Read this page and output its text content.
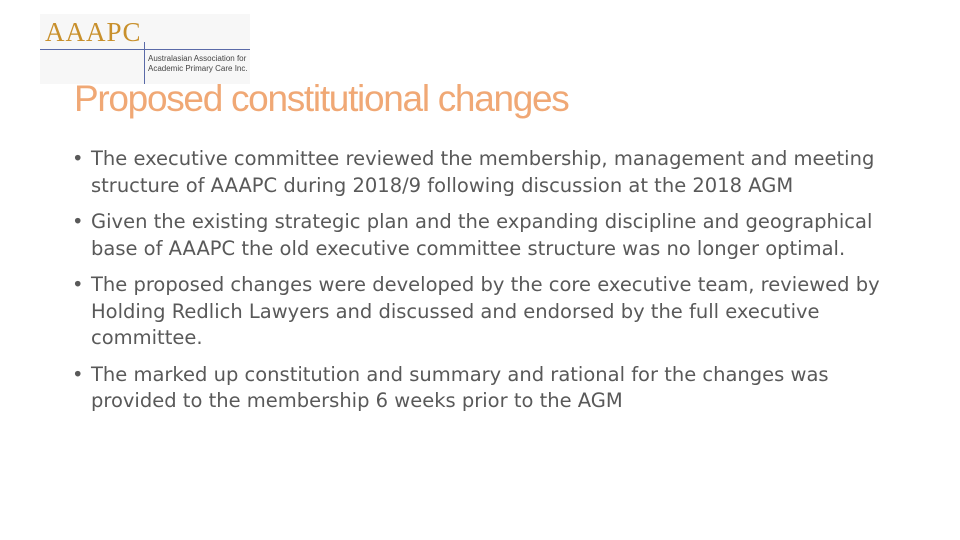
AAAPC
Australasian Association for Academic Primary Care Inc.
Proposed constitutional changes
• The executive committee reviewed the membership, management and meeting structure of AAAPC during 2018/9 following discussion at the 2018 AGM
• Given the existing strategic plan and the expanding discipline and geographical base of AAAPC the old executive committee structure was no longer optimal.
• The proposed changes were developed by the core executive team, reviewed by Holding Redlich Lawyers and discussed and endorsed by the full executive committee.
• The marked up constitution and summary and rational for the changes was provided to the membership 6 weeks prior to the AGM
